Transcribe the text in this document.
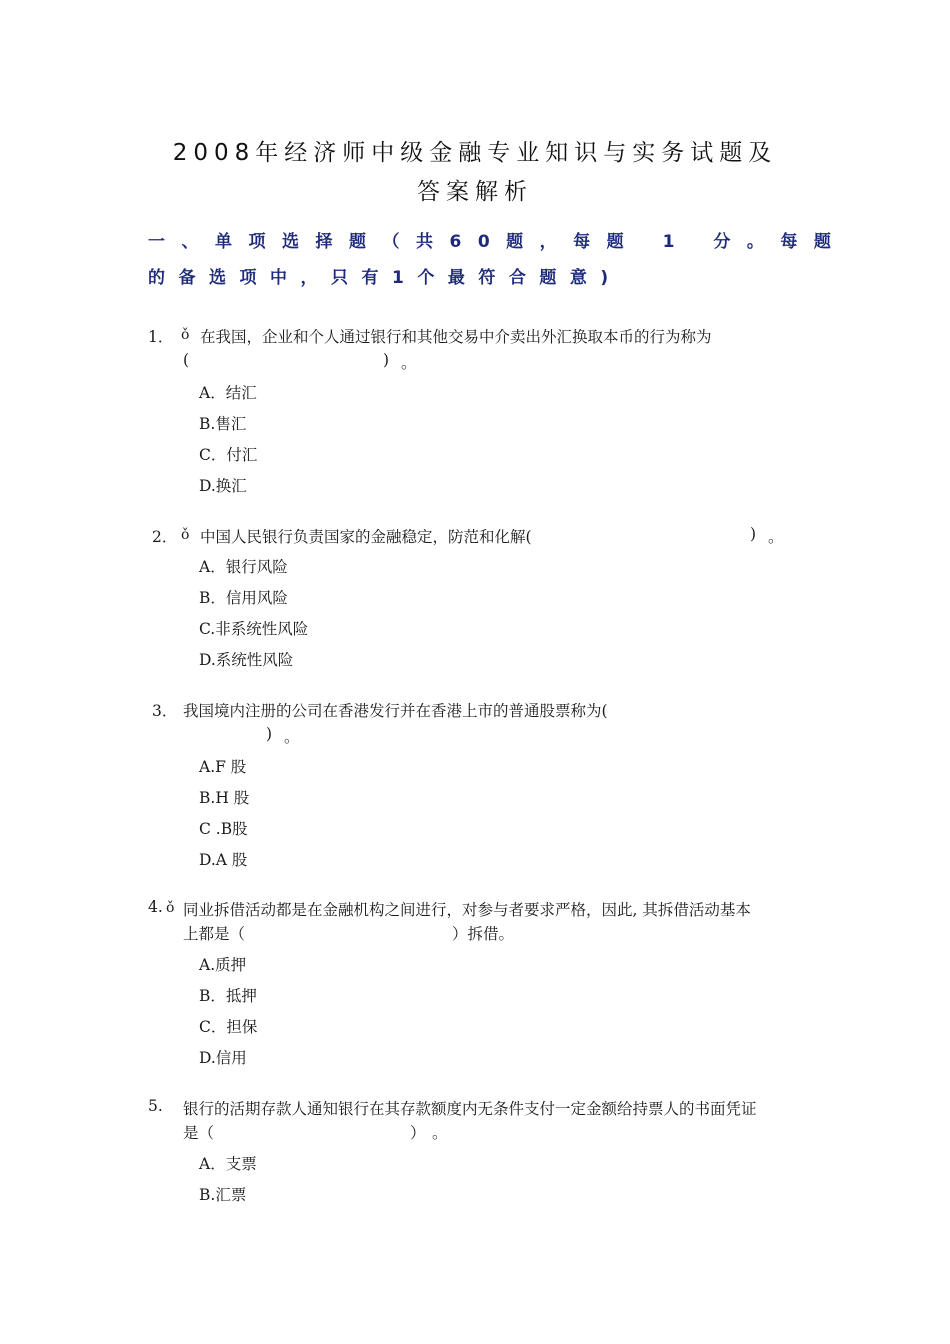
2008年经济师中级金融专业知识与实务试题及
答案解析
一、单项选择题（共60题，每题 1 分。每题
的备选项中，只有1个最符合题意)
1． ǒ 在我国，企业和个人通过银行和其他交易中介卖出外汇换取本币的行为称为
(	) 。
A．结汇
B.售汇
C．付汇
D.换汇
2． ǒ 中国人民银行负责国家的金融稳定，防范和化解(	) 。
A．银行风险
B．信用风险
C.非系统性风险
D.系统性风险
3． 我国境内注册的公司在香港发行并在香港上市的普通股票称为(
) 。
A.F 股
B.H 股
C .B股
D.A 股
4. ǒ 同业拆借活动都是在金融机构之间进行，对参与者要求严格，因此, 其拆借活动基本
上都是（	）拆借。
A.质押
B．抵押
C．担保
D.信用
5. 银行的活期存款人通知银行在其存款额度内无条件支付一定金额给持票人的书面凭证
是（	） 。
A．支票
B.汇票
